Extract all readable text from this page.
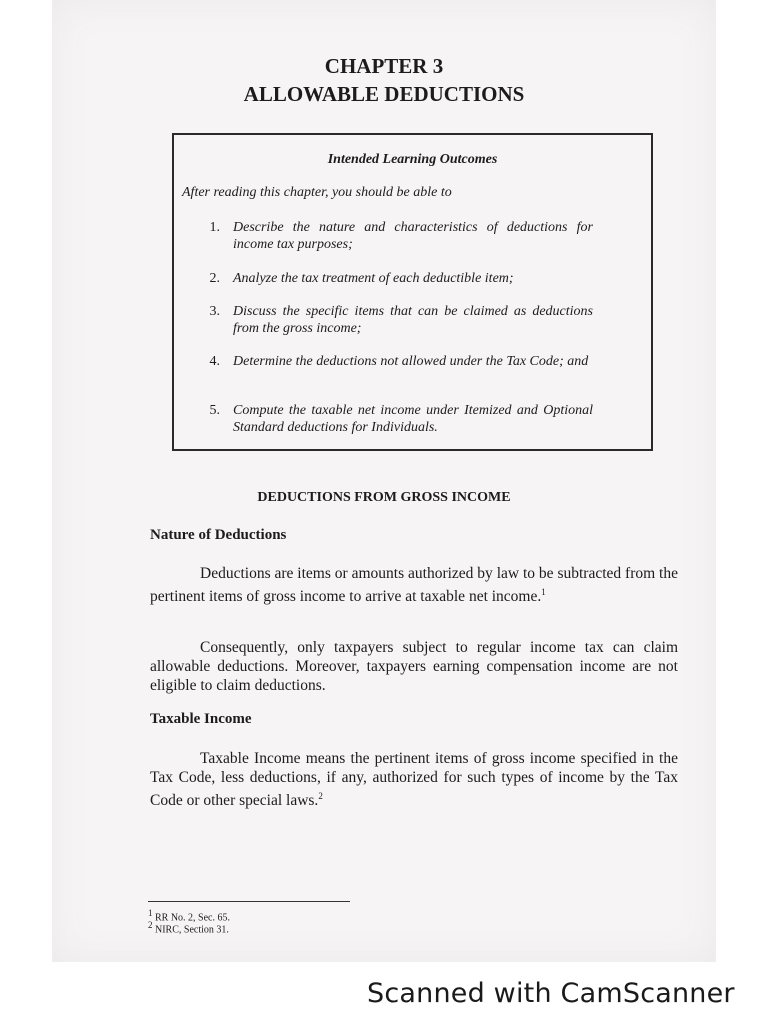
CHAPTER 3
ALLOWABLE DEDUCTIONS
Intended Learning Outcomes
After reading this chapter, you should be able to
1. Describe the nature and characteristics of deductions for income tax purposes;
2. Analyze the tax treatment of each deductible item;
3. Discuss the specific items that can be claimed as deductions from the gross income;
4. Determine the deductions not allowed under the Tax Code; and
5. Compute the taxable net income under Itemized and Optional Standard deductions for Individuals.
DEDUCTIONS FROM GROSS INCOME
Nature of Deductions
Deductions are items or amounts authorized by law to be subtracted from the pertinent items of gross income to arrive at taxable net income.$^1$
Consequently, only taxpayers subject to regular income tax can claim allowable deductions. Moreover, taxpayers earning compensation income are not eligible to claim deductions.
Taxable Income
Taxable Income means the pertinent items of gross income specified in the Tax Code, less deductions, if any, authorized for such types of income by the Tax Code or other special laws.$^2$
$^1$ RR No. 2, Sec. 65.
$^2$ NIRC, Section 31.
Scanned with CamScanner
